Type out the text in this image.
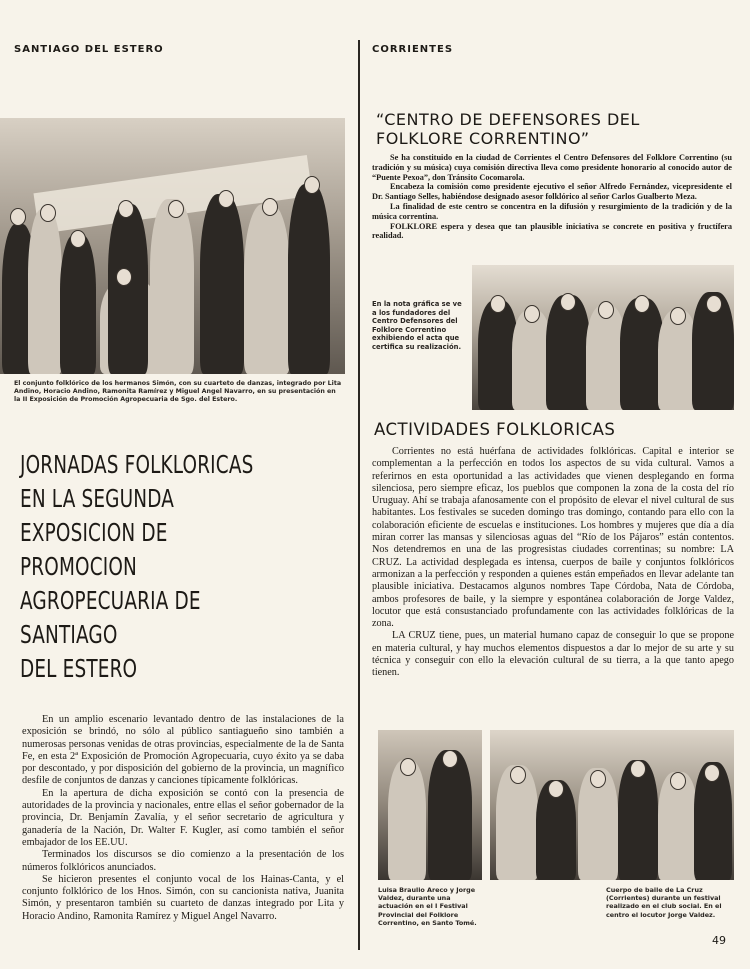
SANTIAGO DEL ESTERO
El conjunto folklórico de los hermanos Simón, con su cuarteto de danzas, integrado por Lita Andino, Horacio Andino, Ramonita Ramírez y Miguel Angel Navarro, en su presentación en la II Exposición de Promoción Agropecuaria de Sgo. del Estero.
JORNADAS FOLKLORICAS
EN LA SEGUNDA
EXPOSICION DE
PROMOCION
AGROPECUARIA DE
SANTIAGO
DEL ESTERO

En un amplio escenario levantado dentro de las instalaciones de la exposición se brindó, no sólo al público santiagueño sino también a numerosas personas venidas de otras provincias, especialmente de la de Santa Fe, en esta 2ª Exposición de Promoción Agropecuaria, cuyo éxito ya se daba por descontado, y por disposición del gobierno de la provincia, un magnífico desfile de conjuntos de danzas y canciones típicamente folklóricas.

En la apertura de dicha exposición se contó con la presencia de autoridades de la provincia y nacionales, entre ellas el señor gobernador de la provincia, Dr. Benjamín Zavalía, y el señor secretario de agricultura y ganadería de la Nación, Dr. Walter F. Kugler, así como también el señor embajador de los EE.UU.

Terminados los discursos se dio comienzo a la presentación de los números folklóricos anunciados.

Se hicieron presentes el conjunto vocal de los Hainas-Canta, y el conjunto folklórico de los Hnos. Simón, con su cancionista nativa, Juanita Simón, y presentaron también su cuarteto de danzas integrado por Lita y Horacio Andino, Ramonita Ramírez y Miguel Angel Navarro.

CORRIENTES
“CENTRO DE DEFENSORES DEL
FOLKLORE CORRENTINO”

Se ha constituido en la ciudad de Corrientes el Centro Defensores del Folklore Correntino (su tradición y su música) cuya comisión directiva lleva como presidente honorario al conocido autor de “Puente Pexoa”, don Tránsito Cocomarola.

Encabeza la comisión como presidente ejecutivo el señor Alfredo Fernández, vicepresidente el Dr. Santiago Selles, habiéndose designado asesor folklórico al señor Carlos Gualberto Meza.

La finalidad de este centro se concentra en la difusión y resurgimiento de la tradición y de la música correntina.

FOLKLORE espera y desea que tan plausible iniciativa se concrete en positiva y fructífera realidad.

En la nota gráfica se ve a los fundadores del Centro Defensores del Folklore Correntino exhibiendo el acta que certifica su realización.
ACTIVIDADES FOLKLORICAS

Corrientes no está huérfana de actividades folklóricas. Capital e interior se complementan a la perfección en todos los aspectos de su vida cultural. Vamos a referirnos en esta oportunidad a las actividades que vienen desplegando en forma silenciosa, pero siempre eficaz, los pueblos que componen la zona de la costa del río Uruguay. Ahí se trabaja afanosamente con el propósito de elevar el nivel cultural de sus habitantes. Los festivales se suceden domingo tras domingo, contando para ello con la colaboración eficiente de escuelas e instituciones. Los hombres y mujeres que día a día miran correr las mansas y silenciosas aguas del “Río de los Pájaros” están contentos. Nos detendremos en una de las progresistas ciudades correntinas; su nombre: LA CRUZ. La actividad desplegada es intensa, cuerpos de baile y conjuntos folklóricos armonizan a la perfección y responden a quienes están empeñados en llevar adelante tan plausible iniciativa. Destacamos algunos nombres Tape Córdoba, Nata de Córdoba, ambos profesores de baile, y la siempre y espontánea colaboración de Jorge Valdez, locutor que está consustanciado profundamente con las actividades folklóricas de la zona.

LA CRUZ tiene, pues, un material humano capaz de conseguir lo que se propone en materia cultural, y hay muchos elementos dispuestos a dar lo mejor de su arte y su técnica y conseguir con ello la elevación cultural de su tierra, a la que tanto apego tienen.

Luisa Braulio Areco y Jorge Valdez, durante una actuación en el I Festival Provincial del Folklore Correntino, en Santo Tomé.
Cuerpo de baile de La Cruz (Corrientes) durante un festival realizado en el club social. En el centro el locutor Jorge Valdez.
49
